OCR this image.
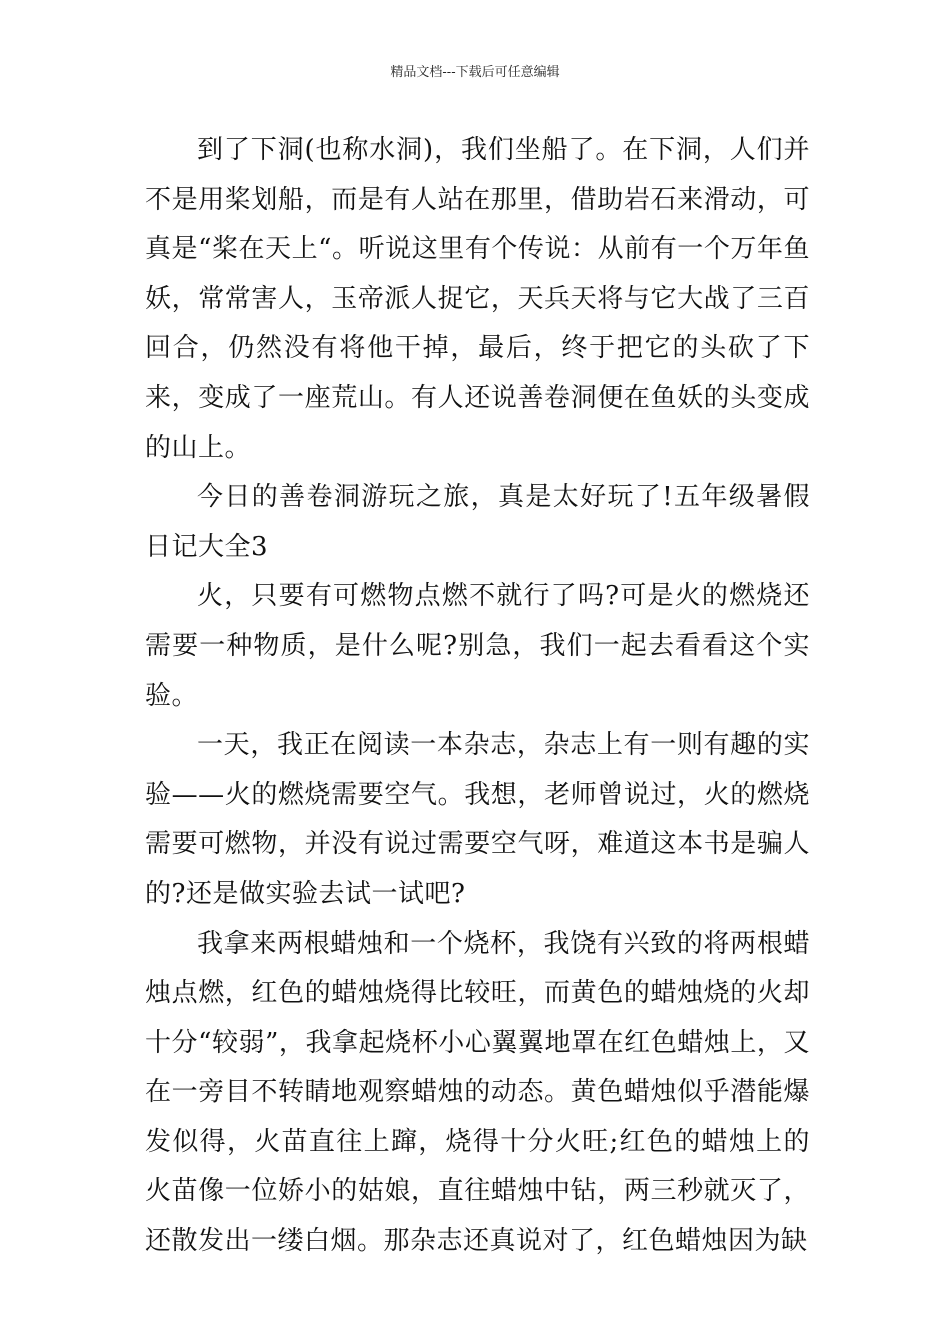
精品文档---下载后可任意编辑

到了下洞(也称水洞)，我们坐船了。在下洞，人们并不是用桨划船，而是有人站在那里，借助岩石来滑动，可真是“桨在天上“。听说这里有个传说：从前有一个万年鱼妖，常常害人，玉帝派人捉它，天兵天将与它大战了三百回合，仍然没有将他干掉，最后，终于把它的头砍了下来，变成了一座荒山。有人还说善卷洞便在鱼妖的头变成的山上。

今日的善卷洞游玩之旅，真是太好玩了!五年级暑假日记大全3

火，只要有可燃物点燃不就行了吗?可是火的燃烧还需要一种物质，是什么呢?别急，我们一起去看看这个实验。

一天，我正在阅读一本杂志，杂志上有一则有趣的实验——火的燃烧需要空气。我想，老师曾说过，火的燃烧需要可燃物，并没有说过需要空气呀，难道这本书是骗人的?还是做实验去试一试吧?

我拿来两根蜡烛和一个烧杯，我饶有兴致的将两根蜡烛点燃，红色的蜡烛烧得比较旺，而黄色的蜡烛烧的火却十分“较弱”，我拿起烧杯小心翼翼地罩在红色蜡烛上，又在一旁目不转睛地观察蜡烛的动态。黄色蜡烛似乎潜能爆发似得，火苗直往上蹿，烧得十分火旺;红色的蜡烛上的火苗像一位娇小的姑娘，直往蜡烛中钻，两三秒就灭了，还散发出一缕白烟。那杂志还真说对了，红色蜡烛因为缺
